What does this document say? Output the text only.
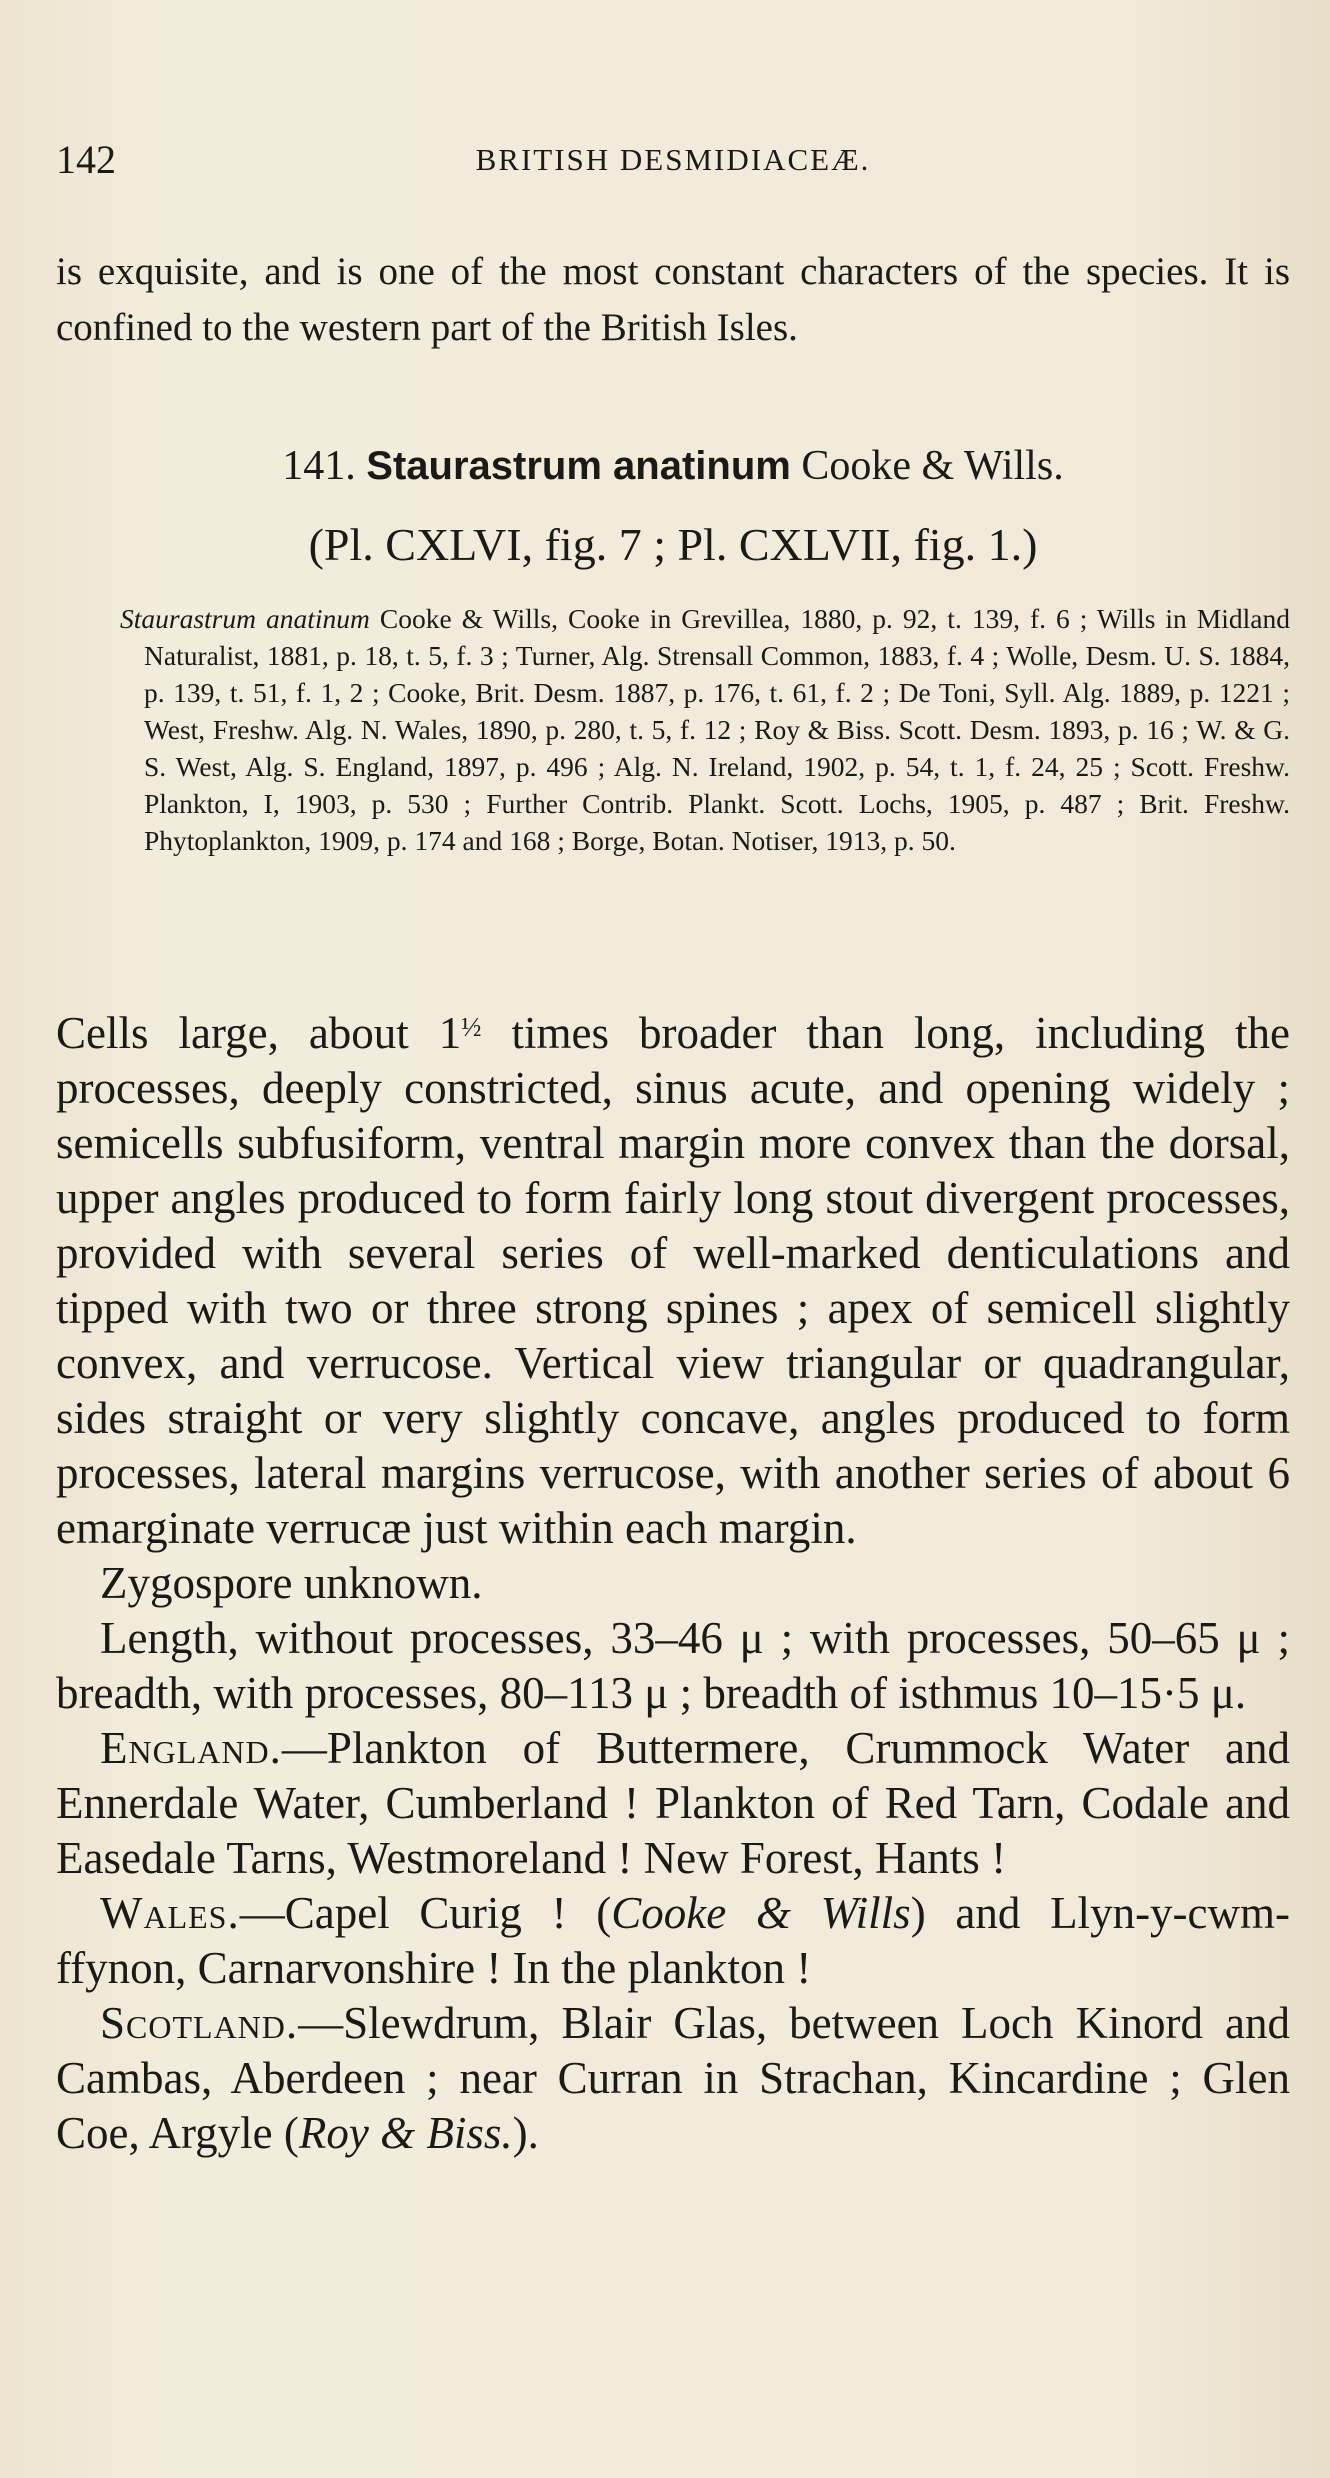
142	BRITISH DESMIDIACEÆ.

is exquisite, and is one of the most constant characters of the species. It is confined to the western part of the British Isles.

141. Staurastrum anatinum Cooke & Wills.
(Pl. CXLVI, fig. 7 ; Pl. CXLVII, fig. 1.)

Staurastrum anatinum Cooke & Wills, Cooke in Grevillea, 1880, p. 92, t. 139, f. 6 ; Wills in Midland Naturalist, 1881, p. 18, t. 5, f. 3 ; Turner, Alg. Strensall Common, 1883, f. 4 ; Wolle, Desm. U. S. 1884, p. 139, t. 51, f. 1, 2 ; Cooke, Brit. Desm. 1887, p. 176, t. 61, f. 2 ; De Toni, Syll. Alg. 1889, p. 1221 ; West, Freshw. Alg. N. Wales, 1890, p. 280, t. 5, f. 12 ; Roy & Biss. Scott. Desm. 1893, p. 16 ; W. & G. S. West, Alg. S. England, 1897, p. 496 ; Alg. N. Ireland, 1902, p. 54, t. 1, f. 24, 25 ; Scott. Freshw. Plankton, I, 1903, p. 530 ; Further Contrib. Plankt. Scott. Lochs, 1905, p. 487 ; Brit. Freshw. Phytoplankton, 1909, p. 174 and 168 ; Borge, Botan. Notiser, 1913, p. 50.

Cells large, about $1^{\frac{1}{2}}$ times broader than long, including the processes, deeply constricted, sinus acute, and opening widely ; semicells subfusiform, ventral margin more convex than the dorsal, upper angles produced to form fairly long stout divergent processes, provided with several series of well-marked denticulations and tipped with two or three strong spines ; apex of semicell slightly convex, and verrucose. Vertical view triangular or quadrangular, sides straight or very slightly concave, angles produced to form processes, lateral margins verrucose, with another series of about 6 emarginate verrucæ just within each margin.

Zygospore unknown.

Length, without processes, 33–46 μ ; with processes, 50–65 μ ; breadth, with processes, 80–113 μ ; breadth of isthmus 10–15·5 μ.

England.—Plankton of Buttermere, Crummock Water and Ennerdale Water, Cumberland ! Plankton of Red Tarn, Codale and Easedale Tarns, Westmoreland ! New Forest, Hants !

Wales.—Capel Curig ! (Cooke & Wills) and Llyn-y-cwm-ffynon, Carnarvonshire ! In the plankton !

Scotland.—Slewdrum, Blair Glas, between Loch Kinord and Cambas, Aberdeen ; near Curran in Strachan, Kincardine ; Glen Coe, Argyle (Roy & Biss.).
